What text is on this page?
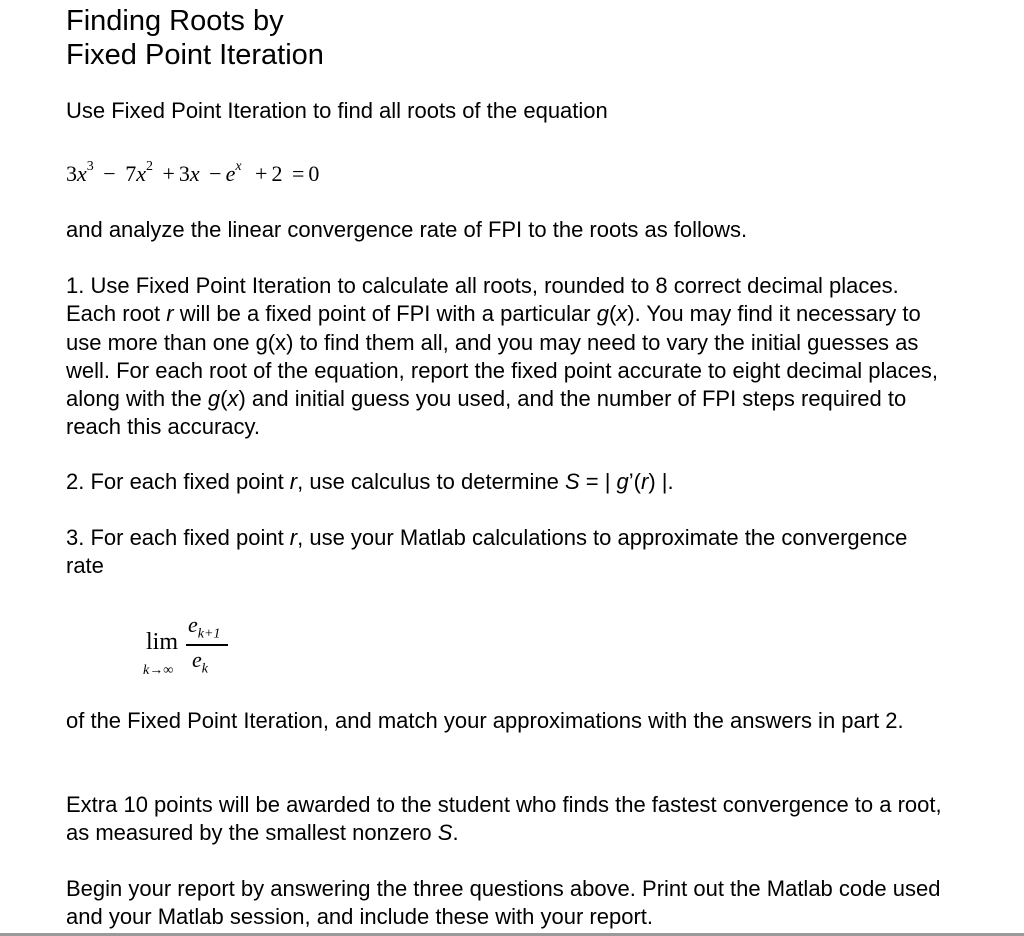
Finding Roots by
Fixed Point Iteration

Use Fixed Point Iteration to find all roots of the equation

$3x^3 - 7x^2 + 3x - e^x + 2 = 0$

and analyze the linear convergence rate of FPI to the roots as follows.

1. Use Fixed Point Iteration to calculate all roots, rounded to 8 correct decimal places. Each root r will be a fixed point of FPI with a particular g(x). You may find it necessary to use more than one g(x) to find them all, and you may need to vary the initial guesses as well. For each root of the equation, report the fixed point accurate to eight decimal places, along with the g(x) and initial guess you used, and the number of FPI steps required to reach this accuracy.

2. For each fixed point r, use calculus to determine S = | g’(r) |.

3. For each fixed point r, use your Matlab calculations to approximate the convergence rate

lim
k→∞
$e_{k+1}$
$e_k$

of the Fixed Point Iteration, and match your approximations with the answers in part 2.

Extra 10 points will be awarded to the student who finds the fastest convergence to a root, as measured by the smallest nonzero S.

Begin your report by answering the three questions above. Print out the Matlab code used and your Matlab session, and include these with your report.
